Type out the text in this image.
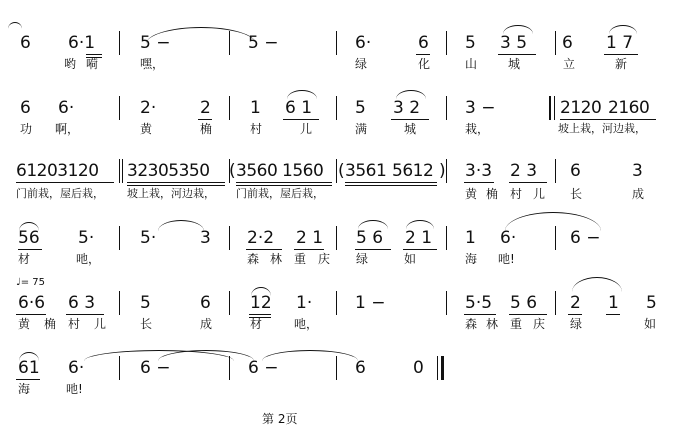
6 6·1	5 −	5 −	6·	6 5 3 5 6 1 7
哟 嗬	嘿，	绿	化	山	城	立	新
6 6·	2·	2 1 6 1	5 3 2	3 −	2120 2160
功 啊，	黄	桷	村	儿	满	城	栽，	坡上栽，河边栽，
61203120 32305350 ( 3560 1560 ( 3561 5612 ) 3·3 2 3 6	3
门前栽，屋后栽， 坡上栽，河边栽， 门前栽，屋后栽，	黄 桷 村 儿 长	成
56 5·	5·	3 2·2 2 1 5 6 2 1 1 6·	6 −
材	吔，	森 林 重 庆 绿	如	海 吔!
♩= 75
6·6 6 3	5	6 12 1·	1 −	5·5 5 6 2 1 5
黄 桷 村 儿	长	成	材	吔，	森 林 重 庆 绿	如
61 6·	6 −	6 −	6	0
海	吔!
第 2页
